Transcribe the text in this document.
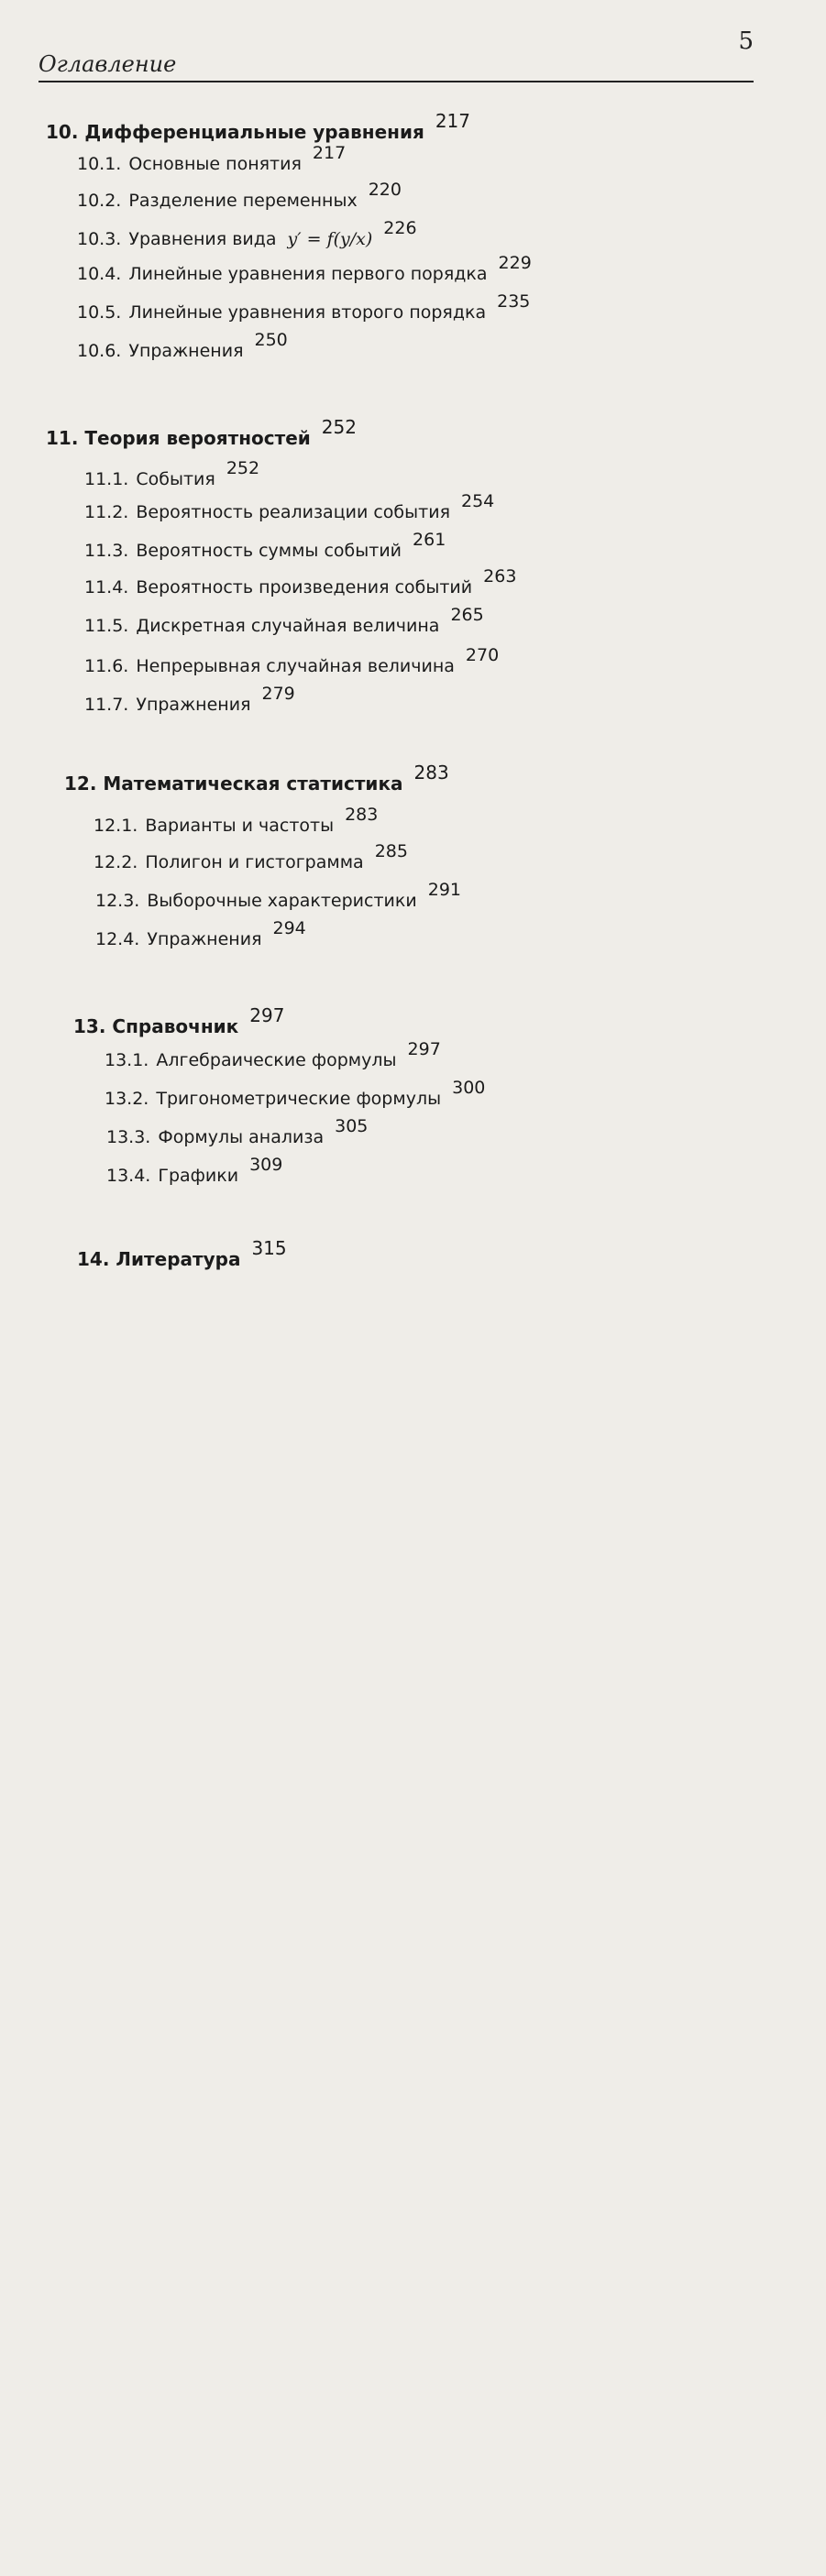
Оглавление
5
10. Дифференциальные уравнения 217
10.1. Основные понятия
217
10.2. Разделение переменных
220
10.3. Уравнения вида y′ = f(y/x)
226
10.4. Линейные уравнения первого порядка
229
10.5. Линейные уравнения второго порядка
235
10.6. Упражнения
250
11. Теория вероятностей 252
11.1. События
252
11.2. Вероятность реализации события
254
11.3. Вероятность суммы событий
261
11.4. Вероятность произведения событий
263
11.5. Дискретная случайная величина
265
11.6. Непрерывная случайная величина
270
11.7. Упражнения
279
12. Математическая статистика 283
12.1. Варианты и частоты
283
12.2. Полигон и гистограмма
285
12.3. Выборочные характеристики
291
12.4. Упражнения
294
13. Справочник 297
13.1. Алгебраические формулы
297
13.2. Тригонометрические формулы
300
13.3. Формулы анализа
305
13.4. Графики
309
14. Литература 315
